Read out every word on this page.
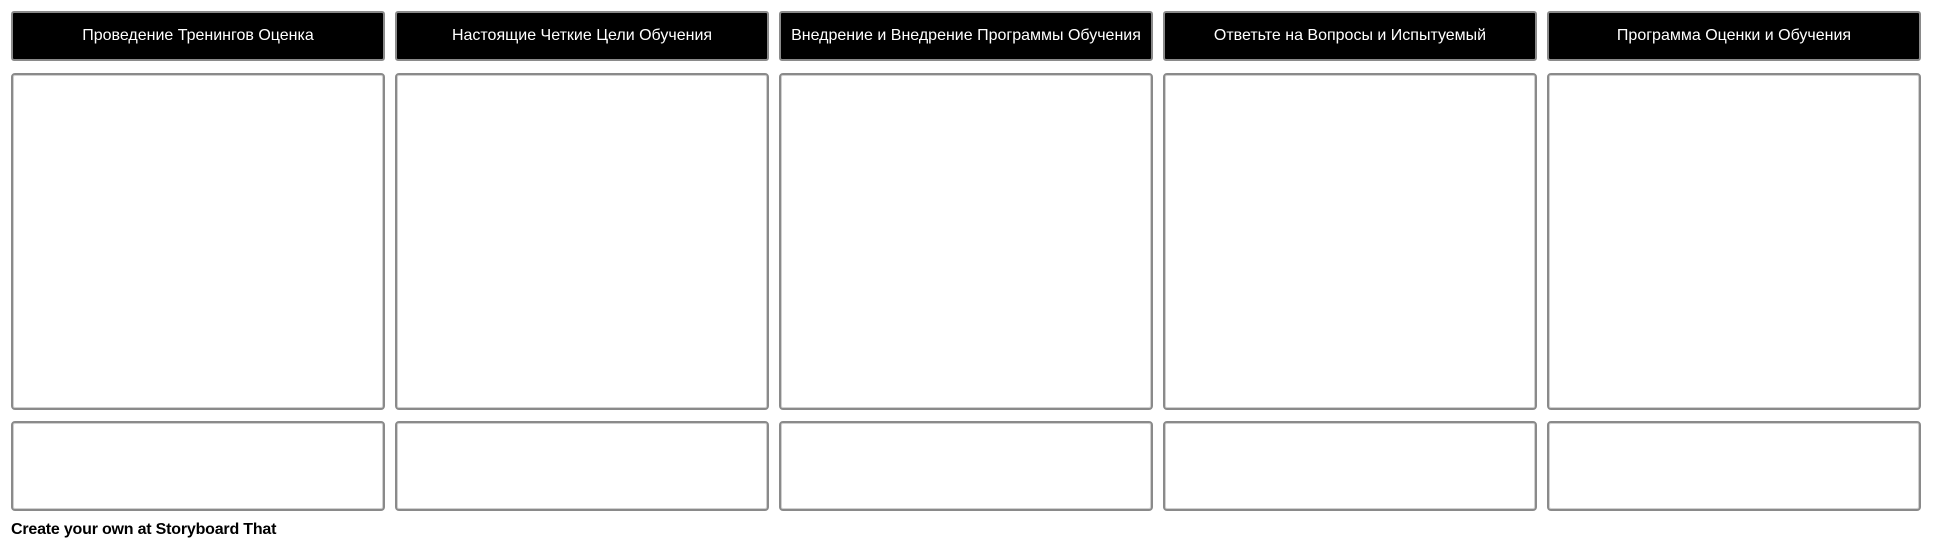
Проведение Тренингов Оценка	Настоящие Четкие Цели Обучения	Внедрение и Внедрение Программы Обучения	Ответьте на Вопросы и Испытуемый	Программа Оценки и Обучения
Create your own at Storyboard That
